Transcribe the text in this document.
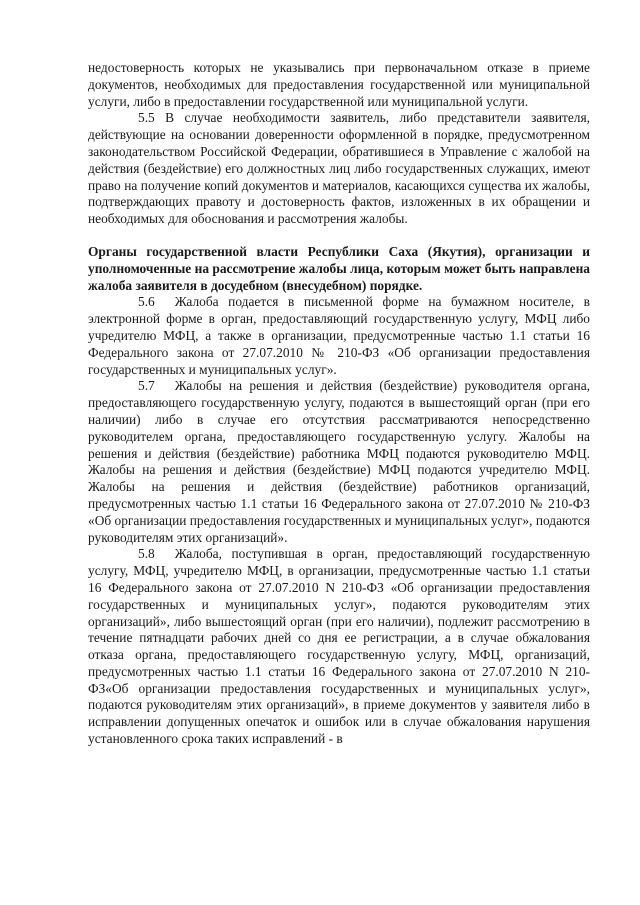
недостоверность которых не указывались при первоначальном отказе в приеме документов, необходимых для предоставления государственной или муниципальной услуги, либо в предоставлении государственной или муниципальной услуги.

5.5 В случае необходимости заявитель, либо представители заявителя, действующие на основании доверенности оформленной в порядке, предусмотренном законодательством Российской Федерации, обратившиеся в Управление с жалобой на действия (бездействие) его должностных лиц либо государственных служащих, имеют право на получение копий документов и материалов, касающихся существа их жалобы, подтверждающих правоту и достоверность фактов, изложенных в их обращении и необходимых для обоснования и рассмотрения жалобы.

Органы государственной власти Республики Саха (Якутия), организации и уполномоченные на рассмотрение жалобы лица, которым может быть направлена жалоба заявителя в досудебном (внесудебном) порядке.

5.6 Жалоба подается в письменной форме на бумажном носителе, в электронной форме в орган, предоставляющий государственную услугу, МФЦ либо учредителю МФЦ, а также в организации, предусмотренные частью 1.1 статьи 16 Федерального закона от 27.07.2010 № 210-ФЗ «Об организации предоставления государственных и муниципальных услуг».

5.7 Жалобы на решения и действия (бездействие) руководителя органа, предоставляющего государственную услугу, подаются в вышестоящий орган (при его наличии) либо в случае его отсутствия рассматриваются непосредственно руководителем органа, предоставляющего государственную услугу. Жалобы на решения и действия (бездействие) работника МФЦ подаются руководителю МФЦ. Жалобы на решения и действия (бездействие) МФЦ подаются учредителю МФЦ. Жалобы на решения и действия (бездействие) работников организаций, предусмотренных частью 1.1 статьи 16 Федерального закона от 27.07.2010 № 210-ФЗ «Об организации предоставления государственных и муниципальных услуг», подаются руководителям этих организаций».

5.8 Жалоба, поступившая в орган, предоставляющий государственную услугу, МФЦ, учредителю МФЦ, в организации, предусмотренные частью 1.1 статьи 16 Федерального закона от 27.07.2010 N 210-ФЗ «Об организации предоставления государственных и муниципальных услуг», подаются руководителям этих организаций», либо вышестоящий орган (при его наличии), подлежит рассмотрению в течение пятнадцати рабочих дней со дня ее регистрации, а в случае обжалования отказа органа, предоставляющего государственную услугу, МФЦ, организаций, предусмотренных частью 1.1 статьи 16 Федерального закона от 27.07.2010 N 210-ФЗ«Об организации предоставления государственных и муниципальных услуг», подаются руководителям этих организаций», в приеме документов у заявителя либо в исправлении допущенных опечаток и ошибок или в случае обжалования нарушения установленного срока таких исправлений - в
